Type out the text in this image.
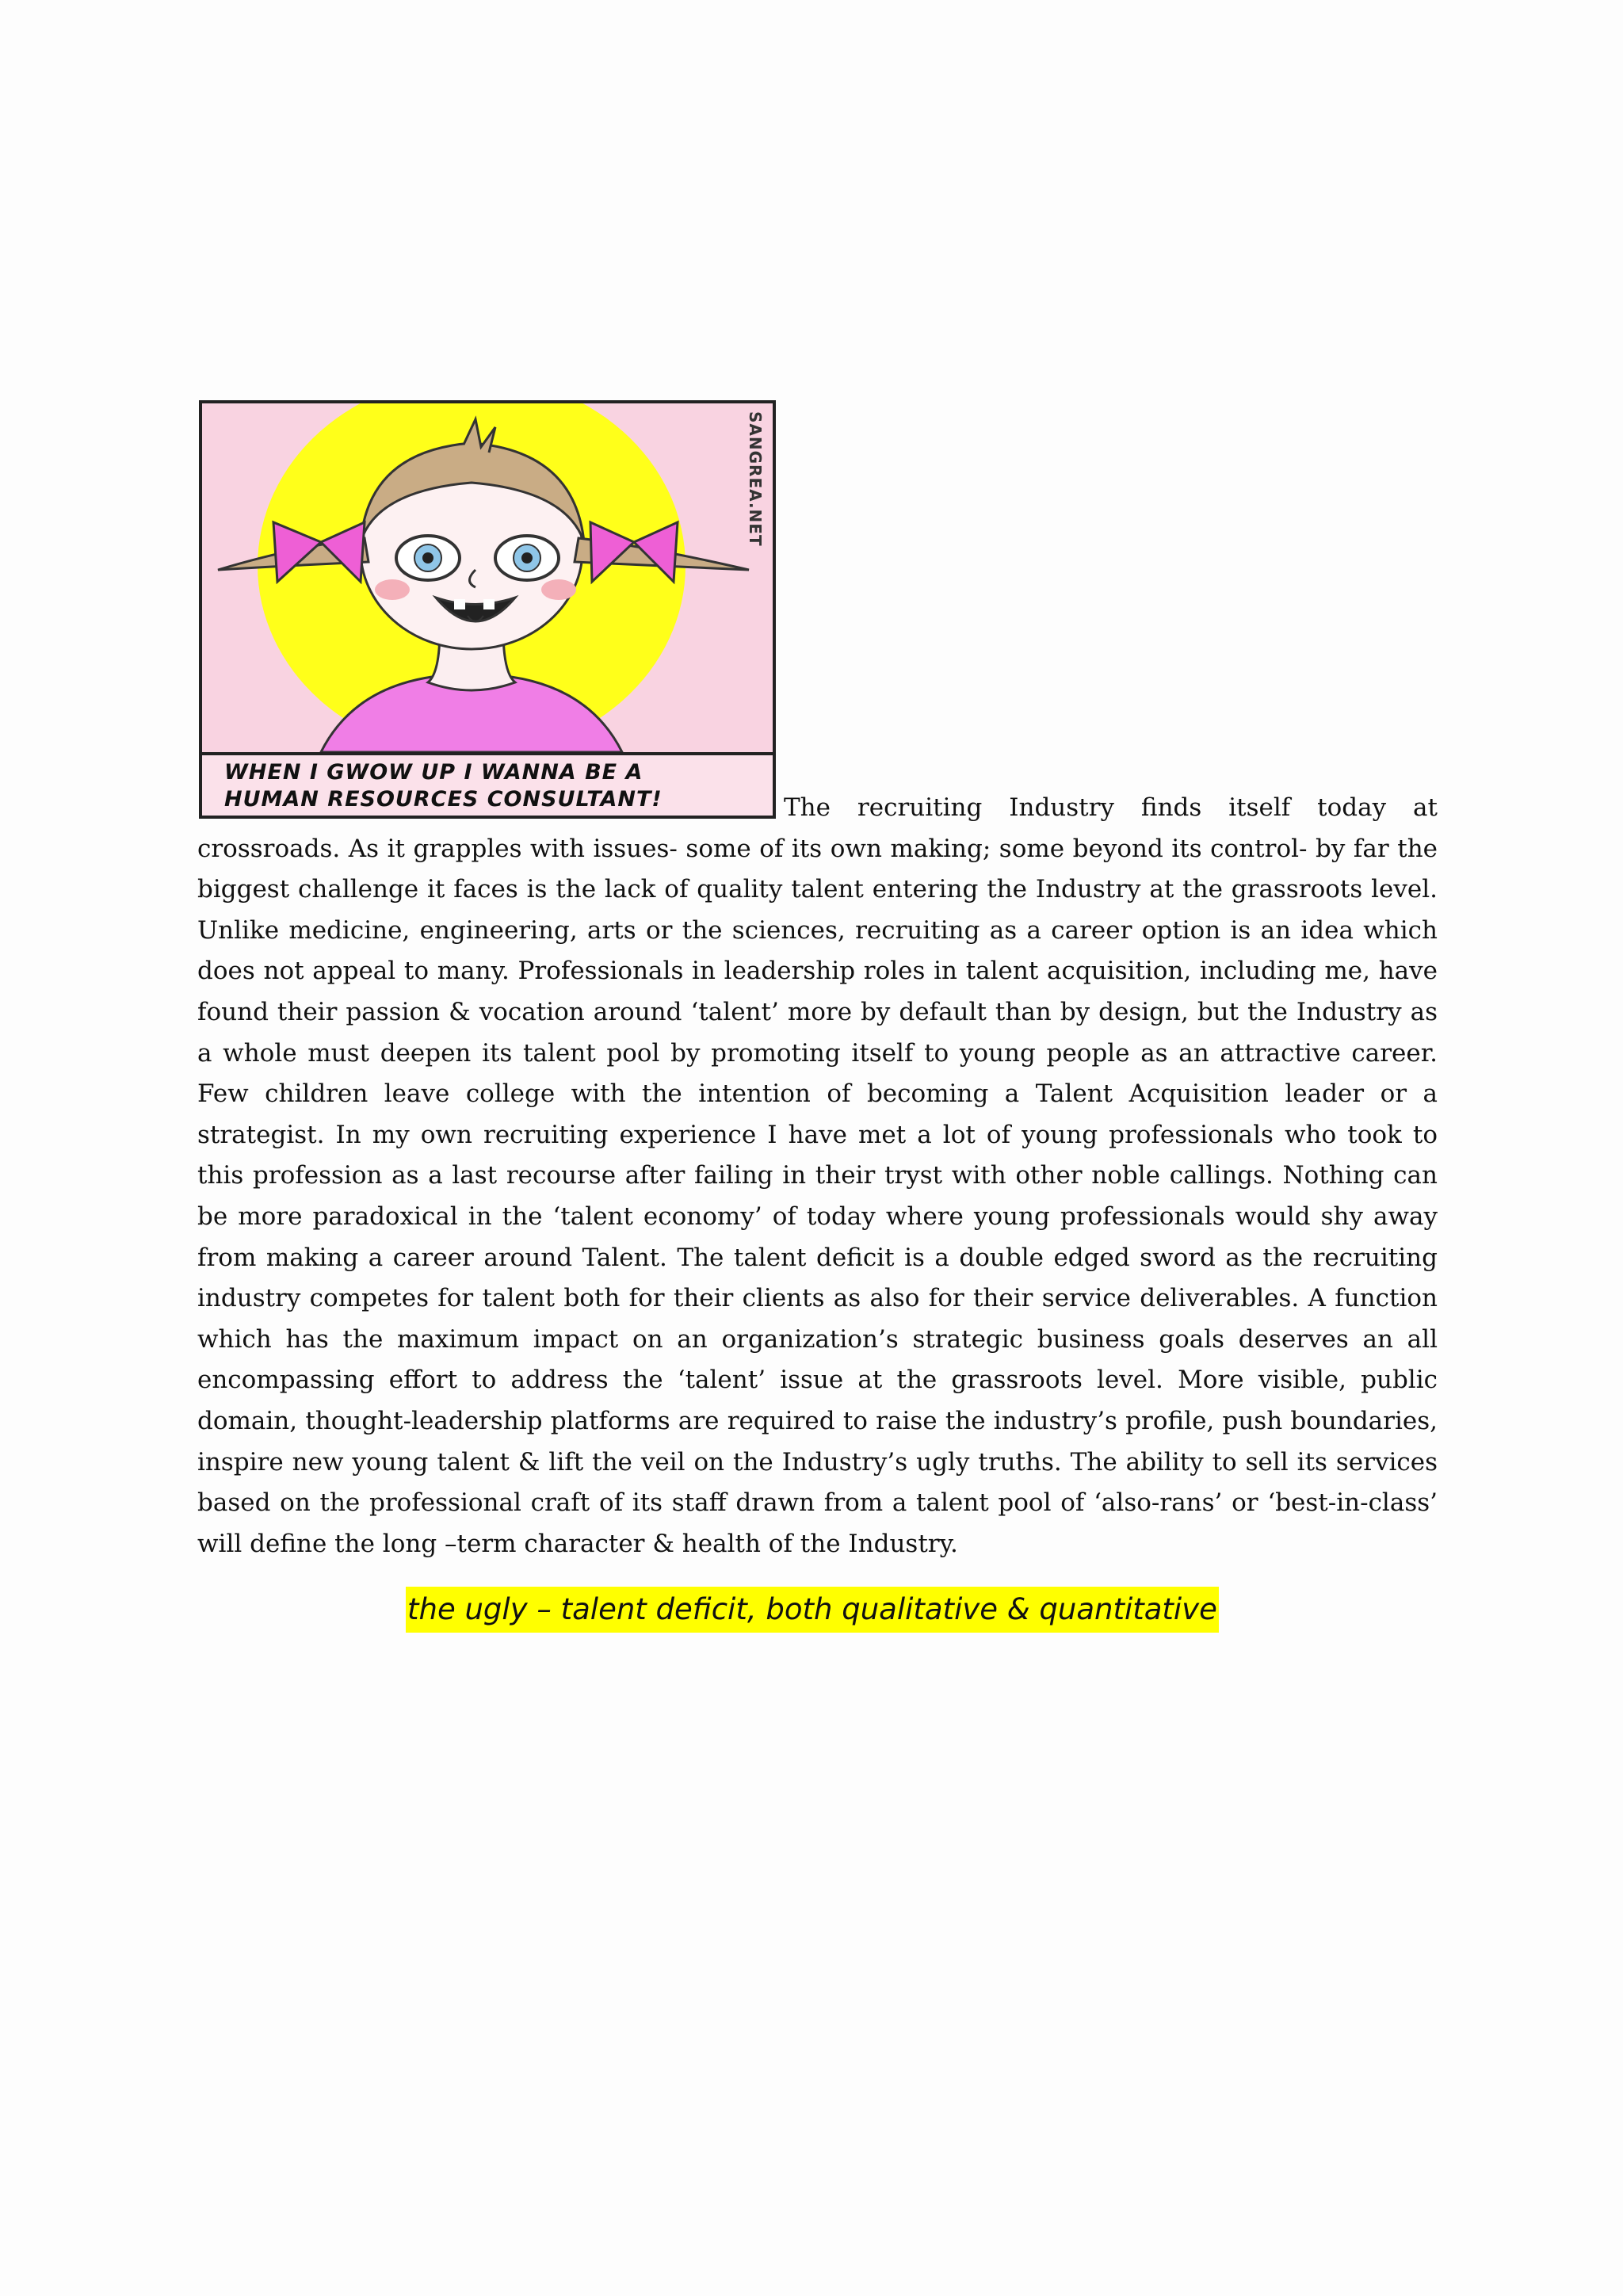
SANGREA.NET
WHEN I GWOW UP I WANNA BE A
HUMAN RESOURCES CONSULTANT!	The recruiting Industry finds itself today at
crossroads. As it grapples with issues- some of its own making; some beyond its control- by far the biggest challenge it faces is the lack of quality talent entering the Industry at the grassroots level. Unlike medicine, engineering, arts or the sciences, recruiting as a career option is an idea which does not appeal to many. Professionals in leadership roles in talent acquisition, including me, have found their passion & vocation around ‘talent’ more by default than by design, but the Industry as a whole must deepen its talent pool by promoting itself to young people as an attractive career. Few children leave college with the intention of becoming a Talent Acquisition leader or a strategist. In my own recruiting experience I have met a lot of young professionals who took to this profession as a last recourse after failing in their tryst with other noble callings. Nothing can be more paradoxical in the ‘talent economy’ of today where young professionals would shy away from making a career around Talent. The talent deficit is a double edged sword as the recruiting industry competes for talent both for their clients as also for their service deliverables. A function which has the maximum impact on an organization’s strategic business goals deserves an all encompassing effort to address the ‘talent’ issue at the grassroots level. More visible, public domain, thought-leadership platforms are required to raise the industry’s profile, push boundaries, inspire new young talent & lift the veil on the Industry’s ugly truths. The ability to sell its services based on the professional craft of its staff drawn from a talent pool of ‘also-rans’ or ‘best-in-class’ will define the long –term character & health of the Industry.

the ugly – talent deficit, both qualitative & quantitative
